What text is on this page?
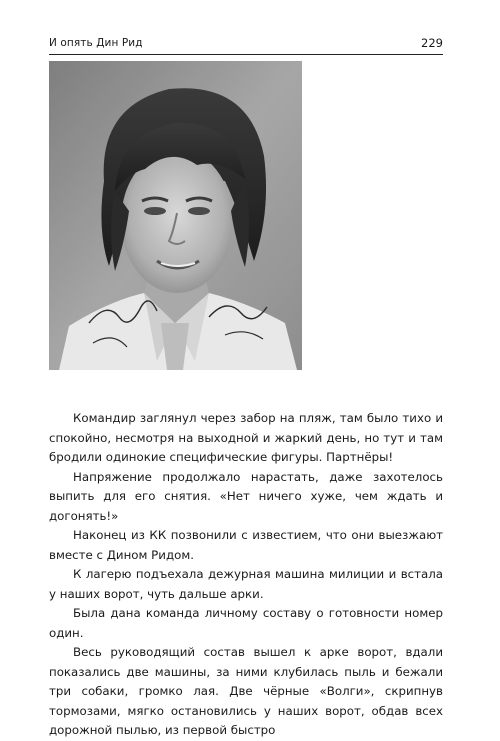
И опять Дин Рид	229

Командир заглянул через забор на пляж, там было тихо и спокойно, несмотря на выходной и жаркий день, но тут и там бродили одинокие специфические фигуры. Партнёры!

Напряжение продолжало нарастать, даже захотелось выпить для его снятия. «Нет ничего хуже, чем ждать и догонять!»

Наконец из КК позвонили с известием, что они выезжают вместе с Дином Ридом.

К лагерю подъехала дежурная машина милиции и встала у наших ворот, чуть дальше арки.

Была дана команда личному составу о готовности номер один.

Весь руководящий состав вышел к арке ворот, вдали показались две машины, за ними клубилась пыль и бежали три собаки, громко лая. Две чёрные «Волги», скрипнув тормозами, мягко остановились у наших ворот, обдав всех дорожной пылью, из первой быстро
